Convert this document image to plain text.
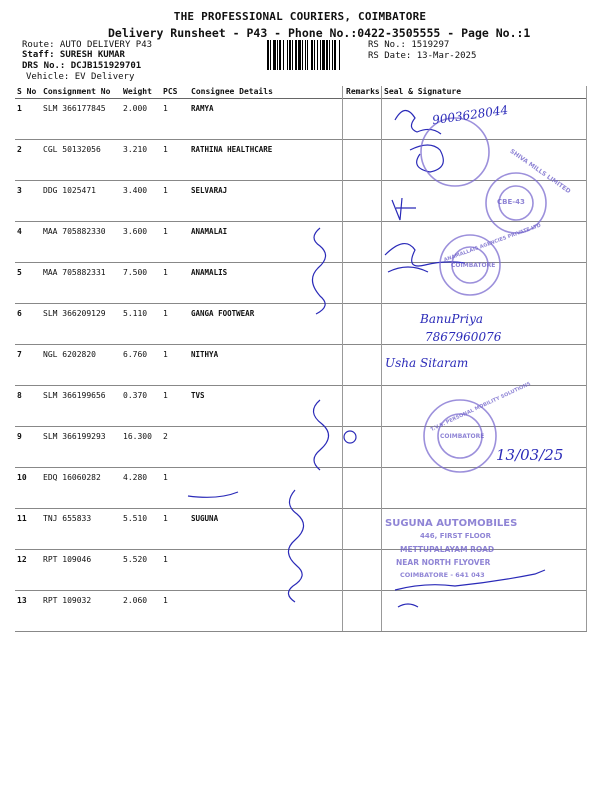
THE PROFESSIONAL COURIERS, COIMBATORE
Delivery Runsheet - P43 - Phone No.:0422-3505555 - Page No.:1
Route: AUTO DELIVERY P43
Staff: SURESH KUMAR
DRS No.: DCJB151929701
Vehicle: EV Delivery
RS No.: 1519297
RS Date: 13-Mar-2025
S No	Consignment No	Weight	PCS	Consignee Details	Remarks	Seal & Signature
1	SLM 366177845	2.000	1	RAMYA		
2	CGL 50132056	3.210	1	RATHINA HEALTHCARE		
3	DDG 1025471	3.400	1	SELVARAJ		
4	MAA 705882330	3.600	1	ANAMALAI		
5	MAA 705882331	7.500	1	ANAMALIS		
6	SLM 366209129	5.110	1	GANGA FOOTWEAR		
7	NGL 6202820	6.760	1	NITHYA		
8	SLM 366199656	0.370	1	TVS		
9	SLM 366199293	16.300	2			
10	EDQ 16060282	4.280	1			
11	TNJ 655833	5.510	1	SUGUNA		
12	RPT 109046	5.520	1			
13	RPT 109032	2.060	1			
9003628044
CBE-43
SHIVA MILLS LIMITED
ANAMALLAIS AGENCIES PRIVATE LTD
COIMBATORE
BanuPriya
7867960076
Usha Sitaram
T.V.S. PERSONAL MOBILITY SOLUTIONS
COIMBATORE
13/03/25
SUGUNA AUTOMOBILES
446, FIRST FLOOR
METTUPALAYAM ROAD
NEAR NORTH FLYOVER
COIMBATORE - 641 043
